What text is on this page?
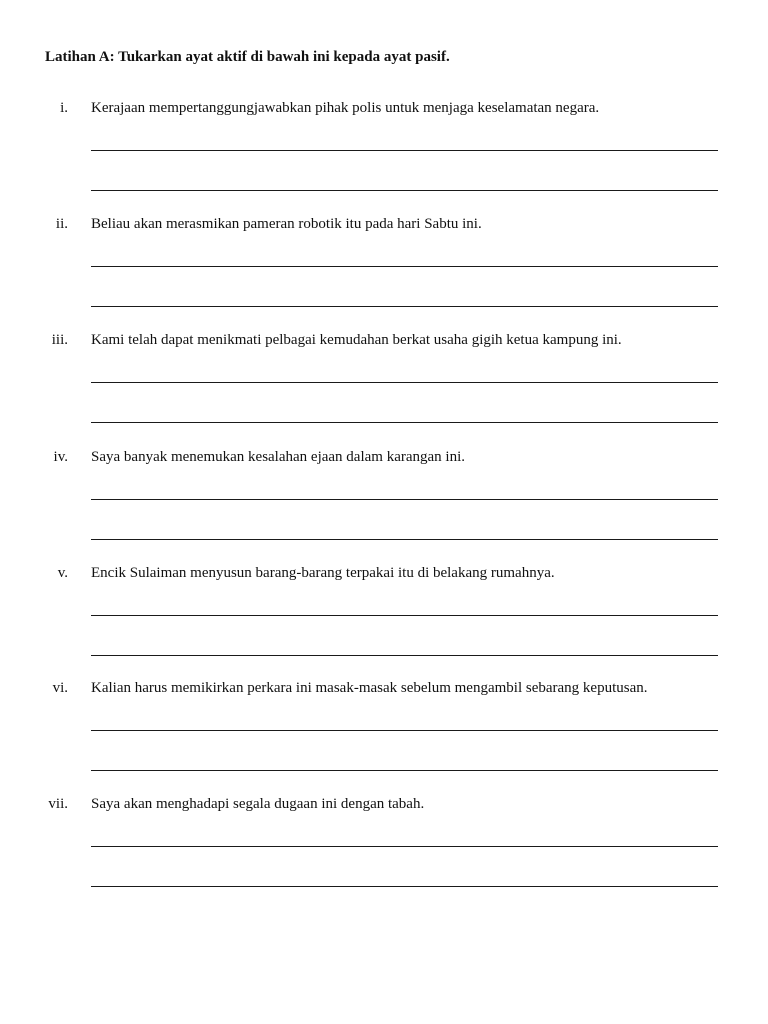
Latihan A: Tukarkan ayat aktif di bawah ini kepada ayat pasif.
i. Kerajaan mempertanggungjawabkan pihak polis untuk menjaga keselamatan negara.
ii. Beliau akan merasmikan pameran robotik itu pada hari Sabtu ini.
iii. Kami telah dapat menikmati pelbagai kemudahan berkat usaha gigih ketua kampung ini.
iv. Saya banyak menemukan kesalahan ejaan dalam karangan ini.
v. Encik Sulaiman menyusun barang-barang terpakai itu di belakang rumahnya.
vi. Kalian harus memikirkan perkara ini masak-masak sebelum mengambil sebarang keputusan.
vii. Saya akan menghadapi segala dugaan ini dengan tabah.
